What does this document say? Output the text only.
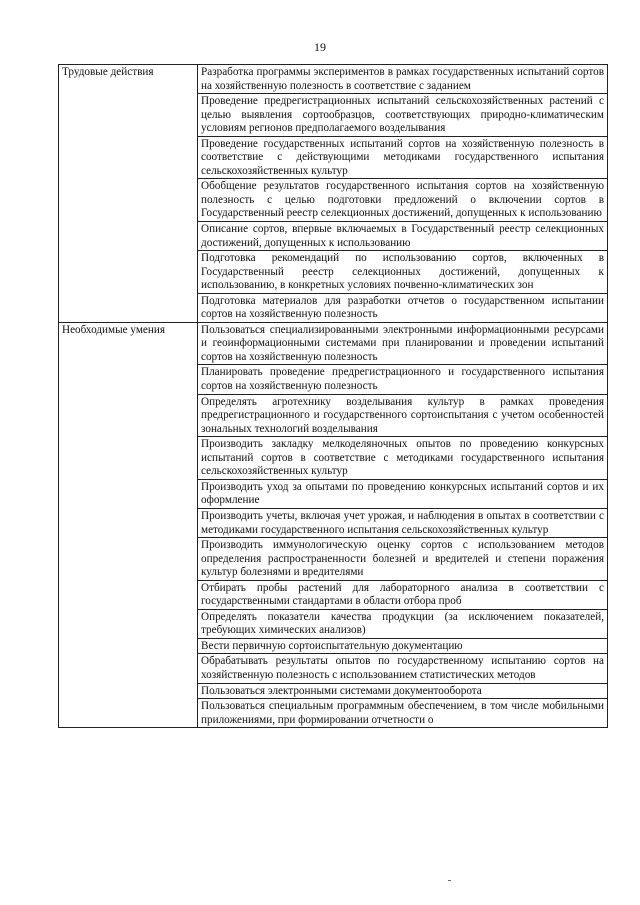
19
Трудовые действия	Разработка программы экспериментов в рамках государственных испытаний сортов на хозяйственную полезность в соответствие с заданием
	Проведение предрегистрационных испытаний сельскохозяйственных растений с целью выявления сортообразцов, соответствующих природно-климатическим условиям регионов предполагаемого возделывания
	Проведение государственных испытаний сортов на хозяйственную полезность в соответствие с действующими методиками государственного испытания сельскохозяйственных культур
	Обобщение результатов государственного испытания сортов на хозяйственную полезность с целью подготовки предложений о включении сортов в Государственный реестр селекционных достижений, допущенных к использованию
	Описание сортов, впервые включаемых в Государственный реестр селекционных достижений, допущенных к использованию
	Подготовка рекомендаций по использованию сортов, включенных в Государственный реестр селекционных достижений, допущенных к использованию, в конкретных условиях почвенно-климатических зон
	Подготовка материалов для разработки отчетов о государственном испытании сортов на хозяйственную полезность
Необходимые умения	Пользоваться специализированными электронными информационными ресурсами и геоинформационными системами при планировании и проведении испытаний сортов на хозяйственную полезность
	Планировать проведение предрегистрационного и государственного испытания сортов на хозяйственную полезность
	Определять агротехнику возделывания культур в рамках проведения предрегистрационного и государственного сортоиспытания с учетом особенностей зональных технологий возделывания
	Производить закладку мелкоделяночных опытов по проведению конкурсных испытаний сортов в соответствие с методиками государственного испытания сельскохозяйственных культур
	Производить уход за опытами по проведению конкурсных испытаний сортов и их оформление
	Производить учеты, включая учет урожая, и наблюдения в опытах в соответствии с методиками государственного испытания сельскохозяйственных культур
	Производить иммунологическую оценку сортов с использованием методов определения распространенности болезней и вредителей и степени поражения культур болезнями и вредителями
	Отбирать пробы растений для лабораторного анализа в соответствии с государственными стандартами в области отбора проб
	Определять показатели качества продукции (за исключением показателей, требующих химических анализов)
	Вести первичную сортоиспытательную документацию
	Обрабатывать результаты опытов по государственному испытанию сортов на хозяйственную полезность с использованием статистических методов
	Пользоваться электронными системами документооборота
	Пользоваться специальным программным обеспечением, в том числе мобильными приложениями, при формировании отчетности о
